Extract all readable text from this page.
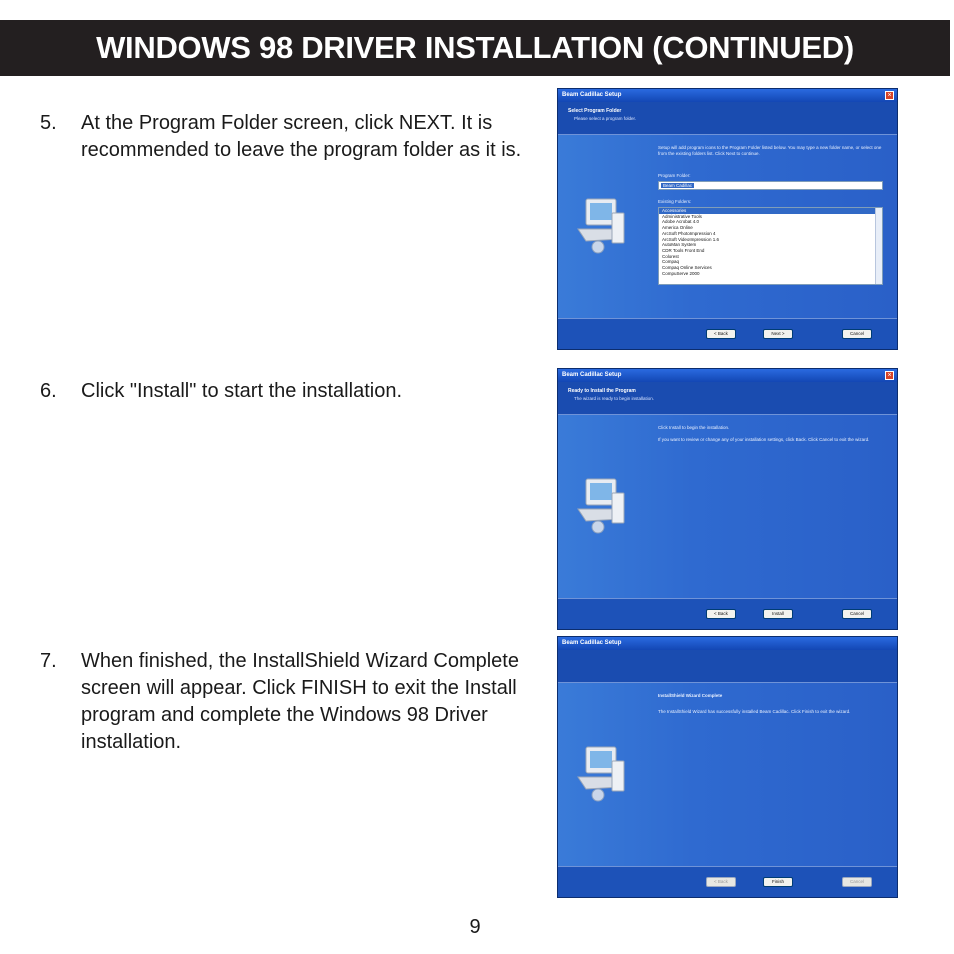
WINDOWS 98 DRIVER INSTALLATION (CONTINUED)
5.	At the Program Folder screen, click NEXT. It is recommended to leave the program folder as it is.
6.	Click "Install" to start the installation.
7.	When finished, the InstallShield Wizard Complete screen will appear. Click FINISH to exit the Install program and complete the Windows 98 Driver installation.
Beam Cadillac Setup	×
Select Program Folder
Please select a program folder.
Setup will add program icons to the Program Folder listed below. You may type a new folder name, or select one from the existing folders list. Click Next to continue.
Program Folder:
Beam Cadillac
Existing Folders:
Accessories
Administrative Tools
Adobe Acrobat 4.0
America Online
ArcSoft PhotoImpression 4
ArcSoft VideoImpression 1.6
AutoMan System
CDR Tools Front End
Colorest
Compaq
Compaq Online Services
CompuServe 2000
< Back	Next >	Cancel
Beam Cadillac Setup	×
Ready to Install the Program
The wizard is ready to begin installation.
Click Install to begin the installation.
If you want to review or change any of your installation settings, click Back. Click Cancel to exit the wizard.
< Back	Install	Cancel
Beam Cadillac Setup
InstallShield Wizard Complete
The InstallShield Wizard has successfully installed Beam Cadillac. Click Finish to exit the wizard.
< Back	Finish	Cancel
9
